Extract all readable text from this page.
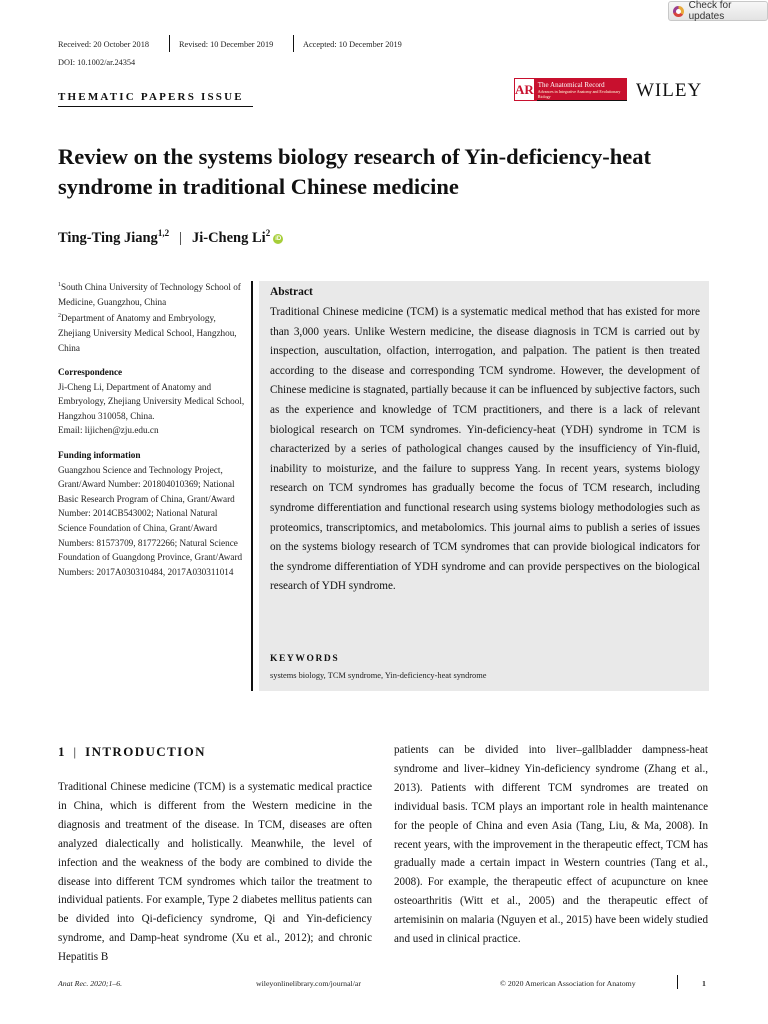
Check for updates
Received: 20 October 2018	Revised: 10 December 2019	Accepted: 10 December 2019
DOI: 10.1002/ar.24354
THEMATIC PAPERS ISSUE
AR The Anatomical Record
Advances in Integrative Anatomy and Evolutionary Biology	WILEY
Review on the systems biology research of Yin-deficiency-heat syndrome in traditional Chinese medicine
Ting-Ting Jiang$^{1,2}$ | Ji-Cheng Li$^2$iD
$^1$South China University of Technology School of Medicine, Guangzhou, China
$^2$Department of Anatomy and Embryology, Zhejiang University Medical School, Hangzhou, China
Correspondence
Ji-Cheng Li, Department of Anatomy and Embryology, Zhejiang University Medical School, Hangzhou 310058, China.
Email: lijichen@zju.edu.cn
Funding information
Guangzhou Science and Technology Project, Grant/Award Number: 201804010369; National Basic Research Program of China, Grant/Award Number: 2014CB543002; National Natural Science Foundation of China, Grant/Award Numbers: 81573709, 81772266; Natural Science Foundation of Guangdong Province, Grant/Award Numbers: 2017A030310484, 2017A030311014
Abstract
Traditional Chinese medicine (TCM) is a systematic medical method that has existed for more than 3,000 years. Unlike Western medicine, the disease diagnosis in TCM is carried out by inspection, auscultation, olfaction, interrogation, and palpation. The patient is then treated according to the disease and corresponding TCM syndrome. However, the development of Chinese medicine is stagnated, partially because it can be influenced by subjective factors, such as the experience and knowledge of TCM practitioners, and there is a lack of relevant biological research on TCM syndromes. Yin-deficiency-heat (YDH) syndrome in TCM is characterized by a series of pathological changes caused by the insufficiency of Yin-fluid, inability to moisturize, and the failure to suppress Yang. In recent years, systems biology research on TCM syndromes has gradually become the focus of TCM research, including syndrome differentiation and functional research using systems biology methodologies such as proteomics, transcriptomics, and metabolomics. This journal aims to publish a series of issues on the systems biology research of TCM syndromes that can provide biological indicators for the syndrome differentiation of YDH syndrome and can provide perspectives on the biological research of YDH syndrome.
KEYWORDS
systems biology, TCM syndrome, Yin-deficiency-heat syndrome
1 | INTRODUCTION
Traditional Chinese medicine (TCM) is a systematic medical practice in China, which is different from the Western medicine in the diagnosis and treatment of the disease. In TCM, diseases are often analyzed dialectically and holistically. Meanwhile, the level of infection and the weakness of the body are combined to divide the disease into different TCM syndromes which tailor the treatment to individual patients. For example, Type 2 diabetes mellitus patients can be divided into Qi-deficiency syndrome, Qi and Yin-deficiency syndrome, and Damp-heat syndrome (Xu et al., 2012); and chronic Hepatitis B
patients can be divided into liver–gallbladder dampness-heat syndrome and liver–kidney Yin-deficiency syndrome (Zhang et al., 2013). Patients with different TCM syndromes are treated on individual basis. TCM plays an important role in health maintenance for the people of China and even Asia (Tang, Liu, & Ma, 2008). In recent years, with the improvement in the therapeutic effect, TCM has gradually made a certain impact in Western countries (Tang et al., 2008). For example, the therapeutic effect of acupuncture on knee osteoarthritis (Witt et al., 2005) and the therapeutic effect of artemisinin on malaria (Nguyen et al., 2015) have been widely studied and used in clinical practice.
Anat Rec. 2020;1–6.	wileyonlinelibrary.com/journal/ar	© 2020 American Association for Anatomy	1
